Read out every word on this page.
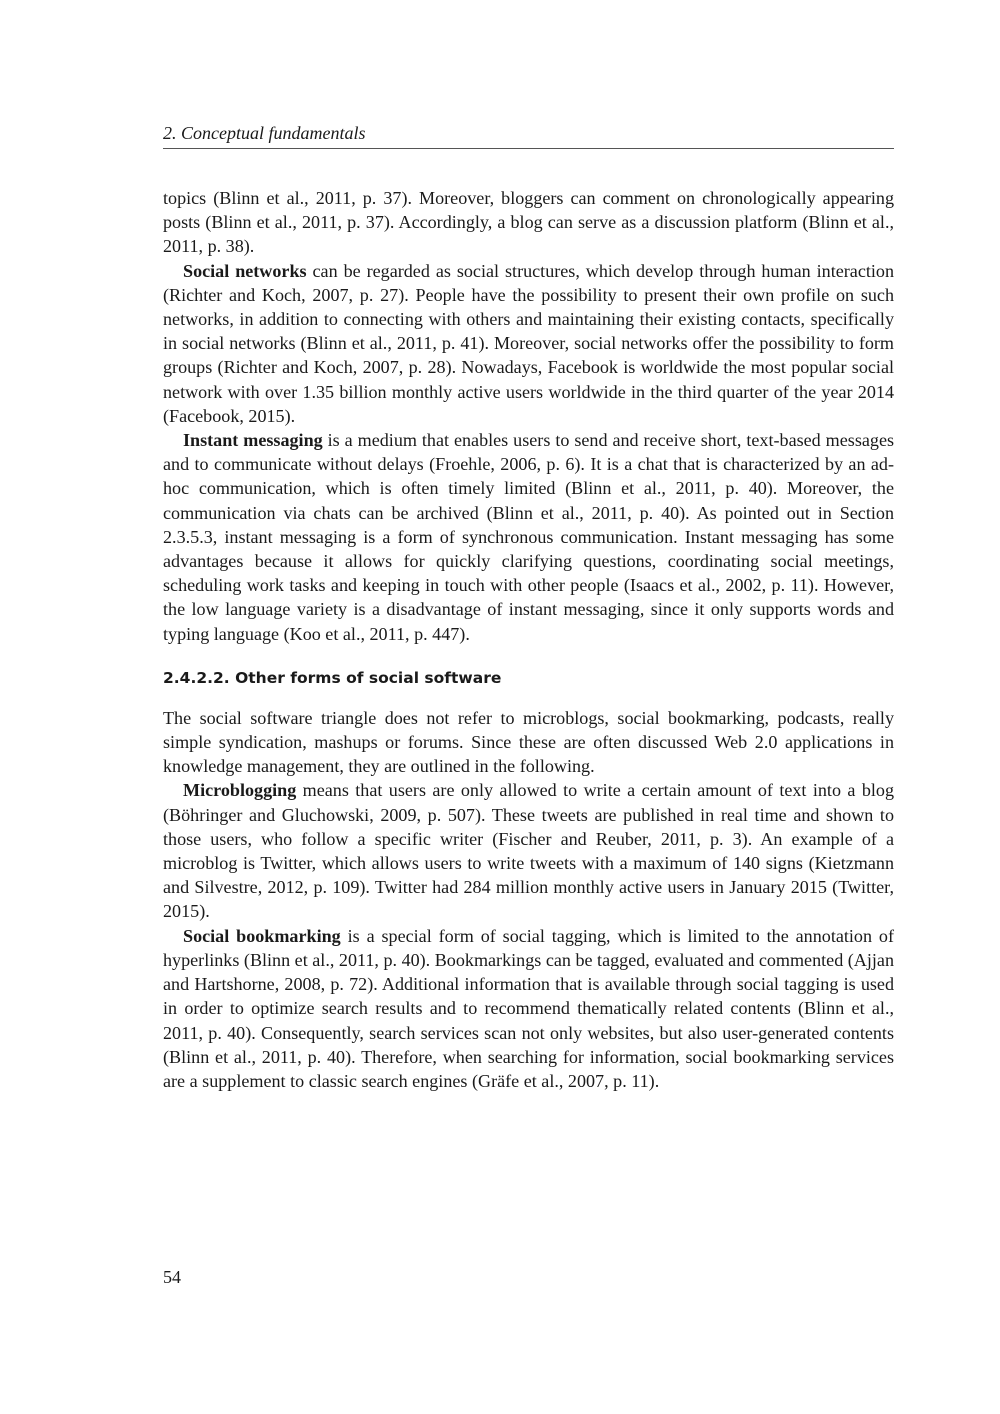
2. Conceptual fundamentals

topics (Blinn et al., 2011, p. 37). Moreover, bloggers can comment on chronologically appearing posts (Blinn et al., 2011, p. 37). Accordingly, a blog can serve as a discussion platform (Blinn et al., 2011, p. 38).

Social networks can be regarded as social structures, which develop through human interaction (Richter and Koch, 2007, p. 27). People have the possibility to present their own profile on such networks, in addition to connecting with others and maintaining their existing contacts, specifically in social networks (Blinn et al., 2011, p. 41). Moreover, social networks offer the possibility to form groups (Richter and Koch, 2007, p. 28). Nowadays, Facebook is worldwide the most popular social network with over 1.35 billion monthly active users worldwide in the third quarter of the year 2014 (Facebook, 2015).

Instant messaging is a medium that enables users to send and receive short, text-based messages and to communicate without delays (Froehle, 2006, p. 6). It is a chat that is characterized by an ad-hoc communication, which is often timely limited (Blinn et al., 2011, p. 40). Moreover, the communication via chats can be archived (Blinn et al., 2011, p. 40). As pointed out in Section 2.3.5.3, instant messaging is a form of synchronous communication. Instant messaging has some advantages because it allows for quickly clarifying questions, coordinating social meetings, scheduling work tasks and keeping in touch with other people (Isaacs et al., 2002, p. 11). However, the low language variety is a disadvantage of instant messaging, since it only supports words and typing language (Koo et al., 2011, p. 447).

2.4.2.2. Other forms of social software

The social software triangle does not refer to microblogs, social bookmarking, podcasts, really simple syndication, mashups or forums. Since these are often discussed Web 2.0 applications in knowledge management, they are outlined in the following.

Microblogging means that users are only allowed to write a certain amount of text into a blog (Böhringer and Gluchowski, 2009, p. 507). These tweets are published in real time and shown to those users, who follow a specific writer (Fischer and Reuber, 2011, p. 3). An example of a microblog is Twitter, which allows users to write tweets with a maximum of 140 signs (Kietzmann and Silvestre, 2012, p. 109). Twitter had 284 million monthly active users in January 2015 (Twitter, 2015).

Social bookmarking is a special form of social tagging, which is limited to the annotation of hyperlinks (Blinn et al., 2011, p. 40). Bookmarkings can be tagged, evaluated and commented (Ajjan and Hartshorne, 2008, p. 72). Additional information that is available through social tagging is used in order to optimize search results and to recommend thematically related contents (Blinn et al., 2011, p. 40). Consequently, search services scan not only websites, but also user-generated contents (Blinn et al., 2011, p. 40). Therefore, when searching for information, social bookmarking services are a supplement to classic search engines (Gräfe et al., 2007, p. 11).

54
